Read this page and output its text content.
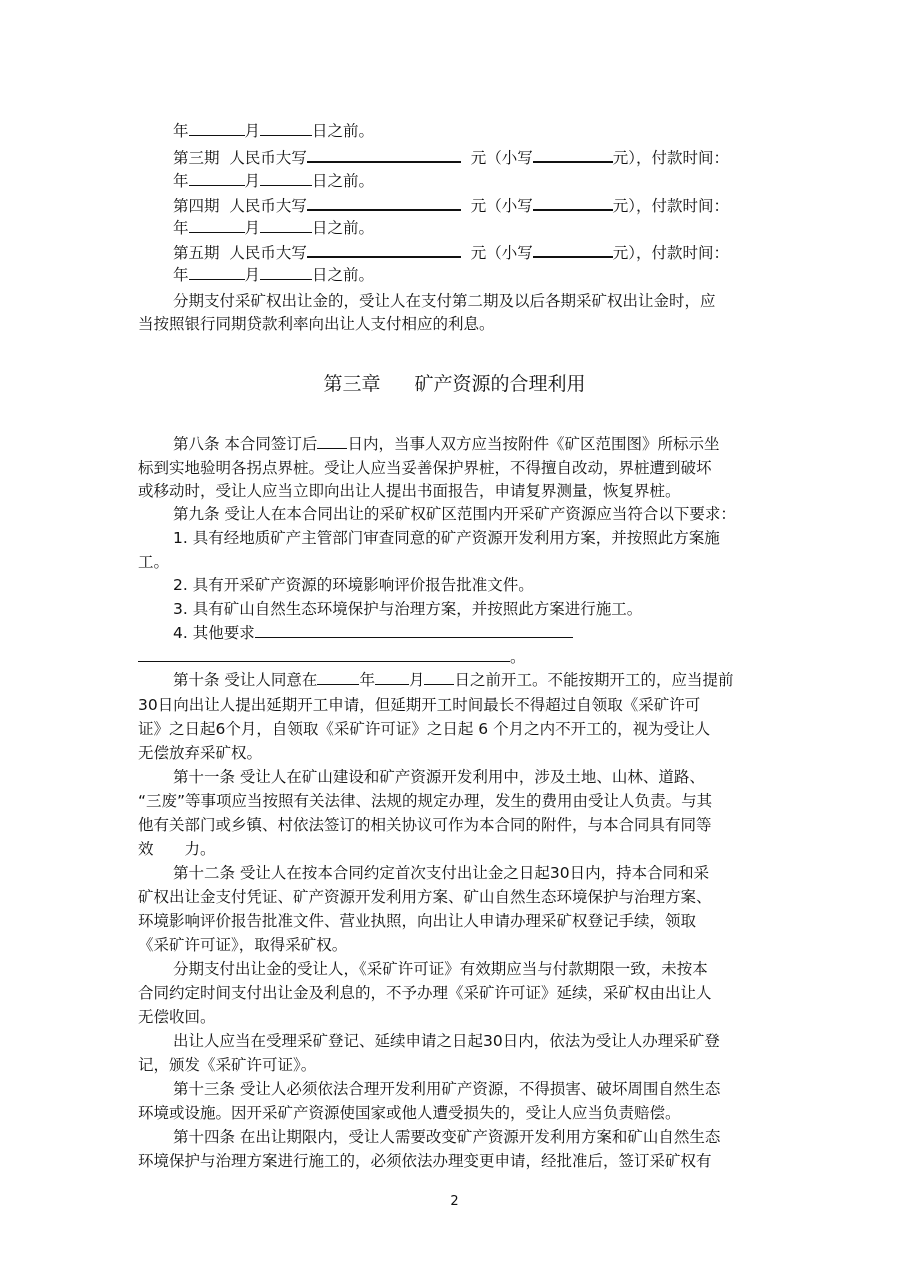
年	月	日之前。
第三期 人民币大写	元（小写	元），付款时间：
年	月	日之前。
第四期 人民币大写	元（小写	元），付款时间：
年	月	日之前。
第五期 人民币大写	元（小写	元），付款时间：
年	月	日之前。
分期支付采矿权出让金的，受让人在支付第二期及以后各期采矿权出让金时，应
当按照银行同期贷款利率向出让人支付相应的利息。
第三章 矿产资源的合理利用
第八条 本合同签订后 日内，当事人双方应当按附件《矿区范围图》所标示坐
标到实地验明各拐点界桩。受让人应当妥善保护界桩，不得擅自改动，界桩遭到破坏
或移动时，受让人应当立即向出让人提出书面报告，申请复界测量，恢复界桩。
第九条 受让人在本合同出让的采矿权矿区范围内开采矿产资源应当符合以下要求：
1. 具有经地质矿产主管部门审查同意的矿产资源开发利用方案，并按照此方案施
工。
2. 具有开采矿产资源的环境影响评价报告批准文件。
3. 具有矿山自然生态环境保护与治理方案，并按照此方案进行施工。
4. 其他要求
。
第十条 受让人同意在	年 月 日之前开工。不能按期开工的，应当提前
30日向出让人提出延期开工申请，但延期开工时间最长不得超过自领取《采矿许可
证》之日起6个月，自领取《采矿许可证》之日起 6 个月之内不开工的，视为受让人
无偿放弃采矿权。
第十一条 受让人在矿山建设和矿产资源开发利用中，涉及土地、山林、道路、
“三废”等事项应当按照有关法律、法规的规定办理，发生的费用由受让人负责。与其
他有关部门或乡镇、村依法签订的相关协议可作为本合同的附件，与本合同具有同等
效　　力。
第十二条 受让人在按本合同约定首次支付出让金之日起30日内，持本合同和采
矿权出让金支付凭证、矿产资源开发利用方案、矿山自然生态环境保护与治理方案、
环境影响评价报告批准文件、营业执照，向出让人申请办理采矿权登记手续，领取
《采矿许可证》，取得采矿权。
分期支付出让金的受让人，《采矿许可证》有效期应当与付款期限一致，未按本
合同约定时间支付出让金及利息的，不予办理《采矿许可证》延续，采矿权由出让人
无偿收回。
出让人应当在受理采矿登记、延续申请之日起30日内，依法为受让人办理采矿登
记，颁发《采矿许可证》。
第十三条 受让人必须依法合理开发利用矿产资源，不得损害、破坏周围自然生态
环境或设施。因开采矿产资源使国家或他人遭受损失的，受让人应当负责赔偿。
第十四条 在出让期限内，受让人需要改变矿产资源开发利用方案和矿山自然生态
环境保护与治理方案进行施工的，必须依法办理变更申请，经批准后，签订采矿权有
2
